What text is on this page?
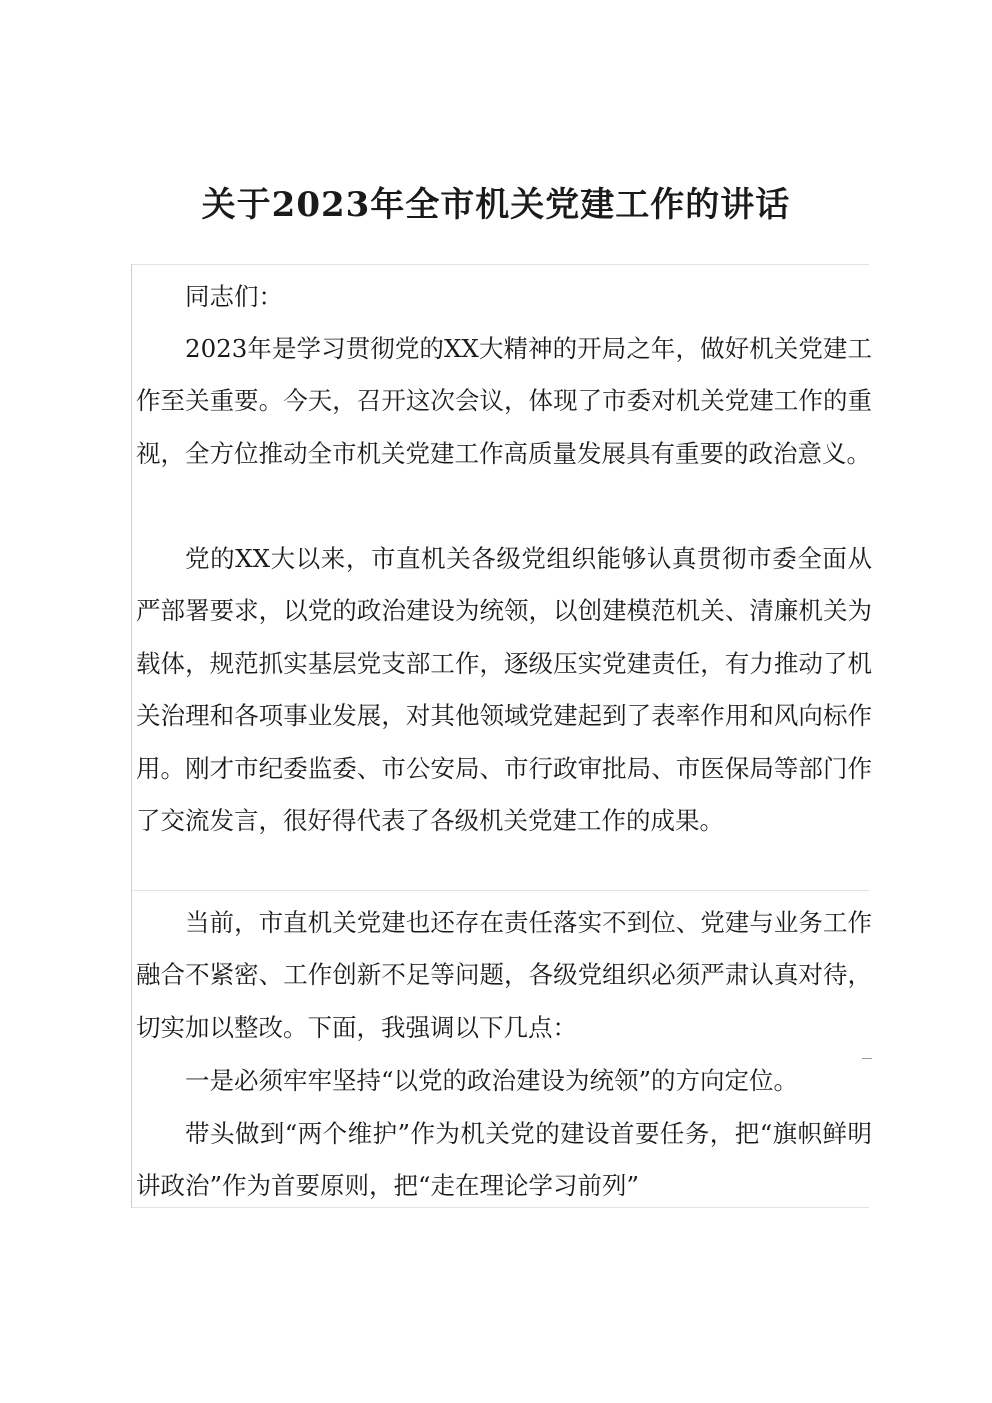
关于2023年全市机关党建工作的讲话

同志们：

2023年是学习贯彻党的XX大精神的开局之年，做好机关党建工作至关重要。今天，召开这次会议，体现了市委对机关党建工作的重视，全方位推动全市机关党建工作高质量发展具有重要的政治意义。

党的XX大以来，市直机关各级党组织能够认真贯彻市委全面从严部署要求，以党的政治建设为统领，以创建模范机关、清廉机关为载体，规范抓实基层党支部工作，逐级压实党建责任，有力推动了机关治理和各项事业发展，对其他领域党建起到了表率作用和风向标作用。刚才市纪委监委、市公安局、市行政审批局、市医保局等部门作了交流发言，很好得代表了各级机关党建工作的成果。

当前，市直机关党建也还存在责任落实不到位、党建与业务工作融合不紧密、工作创新不足等问题，各级党组织必须严肃认真对待，切实加以整改。下面，我强调以下几点：

一是必须牢牢坚持“以党的政治建设为统领”的方向定位。

带头做到“两个维护”作为机关党的建设首要任务，把“旗帜鲜明讲政治”作为首要原则，把“走在理论学习前列”
